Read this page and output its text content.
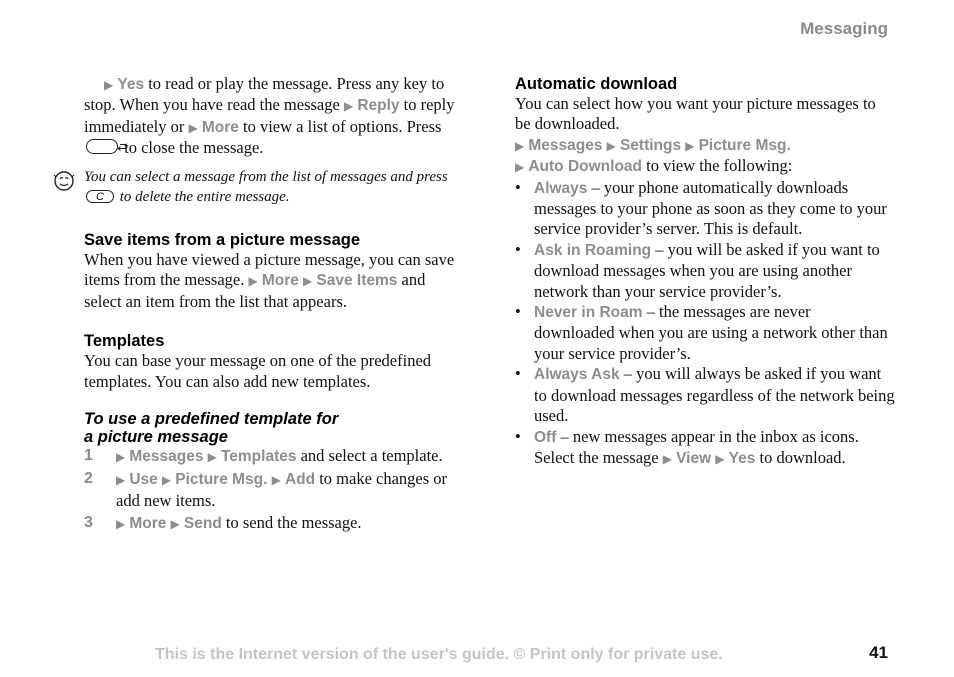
Messaging

▶ Yes to read or play the message. Press any key to stop. When you have read the message ▶ Reply to reply immediately or ▶ More to view a list of options. Press  to close the message.

You can select a message from the list of messages and press
C to delete the entire message.
Save items from a picture message

When you have viewed a picture message, you can save items from the message. ▶ More ▶ Save Items and select an item from the list that appears.

Templates

You can base your message on one of the predefined templates. You can also add new templates.

To use a predefined template for
a picture message
1 ▶ Messages ▶ Templates and select a template.
2 ▶ Use ▶ Picture Msg. ▶ Add to make changes or add new items.
3 ▶ More ▶ Send to send the message.
Automatic download

You can select how you want your picture messages to be downloaded.

▶ Messages ▶ Settings ▶ Picture Msg.

▶ Auto Download to view the following:

• Always – your phone automatically downloads messages to your phone as soon as they come to your service provider’s server. This is default.
• Ask in Roaming – you will be asked if you want to download messages when you are using another network than your service provider’s.
• Never in Roam – the messages are never downloaded when you are using a network other than your service provider’s.
• Always Ask – you will always be asked if you want to download messages regardless of the network being used.
• Off – new messages appear in the inbox as icons. Select the message ▶ View ▶ Yes to download.
This is the Internet version of the user's guide. © Print only for private use.	41
